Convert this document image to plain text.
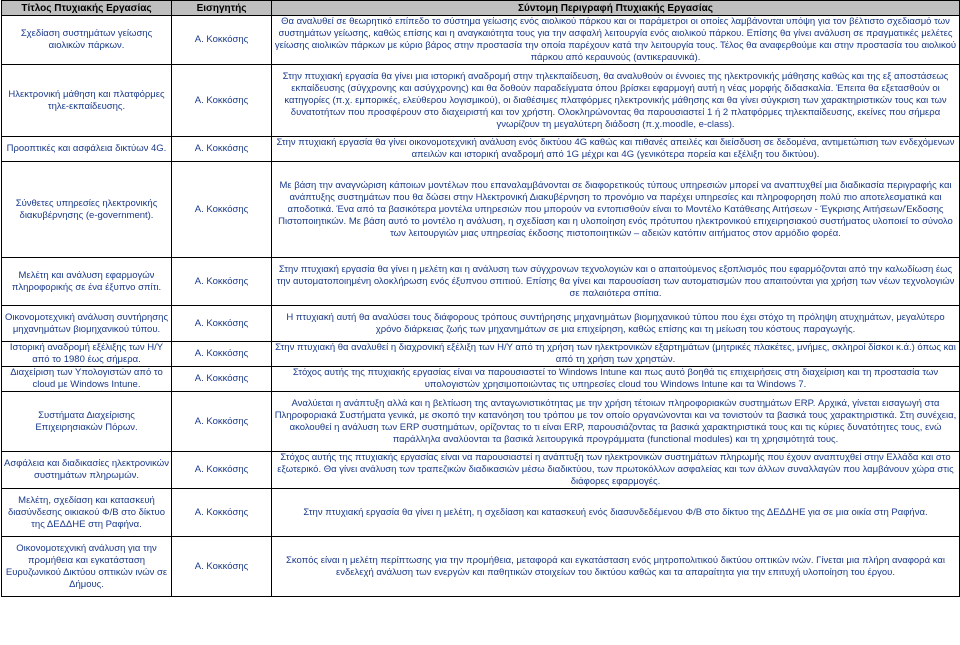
Τίτλος Πτυχιακής Εργασίας	Εισηγητής	Σύντομη Περιγραφή Πτυχιακής Εργασίας
Σχεδίαση συστημάτων γείωσης αιολικών πάρκων.	Α. Κοκκόσης	Θα αναλυθεί σε θεωρητικό επίπεδο το σύστημα γείωσης ενός αιολικού πάρκου και οι παράμετροι οι οποίες λαμβάνονται υπόψη για τον βέλτιστο σχεδιασμό των συστημάτων γείωσης, καθώς επίσης και η αναγκαιότητα τους για την ασφαλή λειτουργία ενός αιολικού πάρκου. Επίσης θα γίνει ανάλυση σε πραγματικές μελέτες γείωσης αιολικών πάρκων με κύριο βάρος στην προστασία την οποία παρέχουν κατά την λειτουργία τους. Τέλος θα αναφερθούμε και στην προστασία του αιολικού πάρκου από κεραυνούς (αντικεραυνικά).
Ηλεκτρονική μάθηση και πλατφόρμες τηλε-εκπαίδευσης.	Α. Κοκκόσης	Στην πτυχιακή εργασία θα γίνει μια ιστορική αναδρομή στην τηλεκπαίδευση, θα αναλυθούν οι έννοιες της ηλεκτρονικής μάθησης καθώς και της εξ αποστάσεως εκπαίδευσης (σύγχρονης και ασύγχρονης) και θα δοθούν παραδείγματα όπου βρίσκει εφαρμογή αυτή η νέας μορφής διδασκαλία. Έπειτα θα εξετασθούν οι κατηγορίες (π.χ. εμπορικές, ελεύθερου λογισμικού), οι διαθέσιμες πλατφόρμες ηλεκτρονικής μάθησης και θα γίνει σύγκριση των χαρακτηριστικών τους και των δυνατοτήτων που προσφέρουν στο διαχειριστή και τον χρήστη. Ολοκληρώνοντας θα παρουσιαστεί 1 ή 2 πλατφόρμες τηλεκπαίδευσης, εκείνες που σήμερα γνωρίζουν τη μεγαλύτερη διάδοση (π.χ.moodle, e-class).
Προοπτικές και ασφάλεια δικτύων 4G.	Α. Κοκκόσης	Στην πτυχιακή εργασία θα γίνει οικονομοτεχνική ανάλυση ενός δικτύου 4G καθώς και πιθανές απειλές και διείσδυση σε δεδομένα, αντιμετώπιση των ενδεχόμενων απειλών και ιστορική αναδρομή από 1G μέχρι και 4G (γενικότερα πορεία και εξέλιξη του δικτύου).
Σύνθετες υπηρεσίες ηλεκτρονικής διακυβέρνησης (e-government).	Α. Κοκκόσης	Με βάση την αναγνώριση κάποιων μοντέλων που επαναλαμβάνονται σε διαφορετικούς τύπους υπηρεσιών μπορεί να αναπτυχθεί μια διαδικασία περιγραφής και ανάπτυξης συστημάτων που θα δώσει στην Ηλεκτρονική Διακυβέρνηση το προνόμιο να παρέχει υπηρεσίες και πληροφορηση πολύ πιο αποτελεσματικά και αποδοτικά. Ένα από τα βασικότερα μοντέλα υπηρεσιών που μπορούν να εντοπισθούν είναι το Μοντέλο Κατάθεσης Αιτήσεων - Έγκρισης Αιτήσεων/Έκδοσης Πιστοποιητικών. Με βάση αυτό το μοντέλο η ανάλυση, η σχεδίαση και η υλοποίηση ενός πρότυπου ηλεκτρονικού επιχειρησιακού συστήματος υλοποιεί το σύνολο των λειτουργιών μιας υπηρεσίας έκδοσης πιστοποιητικών – αδειών κατόπιν αιτήματος στον αρμόδιο φορέα.
Μελέτη και ανάλυση εφαρμογών πληροφορικής σε ένα έξυπνο σπίτι.	Α. Κοκκόσης	Στην πτυχιακή εργασία θα γίνει η μελέτη και η ανάλυση των σύγχρονων τεχνολογιών και ο απαιτούμενος εξοπλισμός που εφαρμόζονται από την καλωδίωση έως την αυτοματοποιημένη ολοκλήρωση ενός έξυπνου σπιτιού. Επίσης θα γίνει και παρουσίαση των αυτοματισμών που απαιτούνται για χρήση των νέων τεχνολογιών σε παλαιότερα σπίτια.
Οικονομοτεχνική ανάλυση συντήρησης μηχανημάτων βιομηχανικού τύπου.	Α. Κοκκόσης	Η πτυχιακή αυτή θα αναλύσει τους διάφορους τρόπους συντήρησης μηχανημάτων βιομηχανικού τύπου που έχει στόχο τη πρόληψη ατυχημάτων, μεγαλύτερο χρόνο διάρκειας ζωής των μηχανημάτων σε μια επιχείρηση, καθώς επίσης και τη μείωση του κόστους παραγωγής.
Ιστορική αναδρομή εξέλιξης των Η/Υ από το 1980 έως σήμερα.	Α. Κοκκόσης	Στην πτυχιακή θα αναλυθεί η διαχρονική εξέλιξη των Η/Υ από τη χρήση των ηλεκτρονικών εξαρτημάτων (μητρικές πλακέτες, μνήμες, σκληροί δίσκοι κ.ά.) όπως και από τη χρήση των χρηστών.
Διαχείριση των Υπολογιστών από το cloud με Windows Intune.	Α. Κοκκόσης	Στόχος αυτής της πτυχιακής εργασίας είναι να παρουσιαστεί το Windows Intune και πως αυτό βοηθά τις επιχειρήσεις στη διαχείριση και τη προστασία των υπολογιστών χρησιμοποιώντας τις υπηρεσίες cloud του Windows Intune και τα Windows 7.
Συστήματα Διαχείρισης Επιχειρησιακών Πόρων.	Α. Κοκκόσης	Αναλύεται η ανάπτυξη αλλά και η βελτίωση της ανταγωνιστικότητας με την χρήση τέτοιων πληροφοριακών συστημάτων ERP. Αρχικά, γίνεται εισαγωγή στα Πληροφοριακά Συστήματα γενικά, με σκοπό την κατανόηση του τρόπου με τον οποίο οργανώνονται και να τονιστούν τα βασικά τους χαρακτηριστικά. Στη συνέχεια, ακολουθεί η ανάλυση των ERP συστημάτων, ορίζοντας το τι είναι ERP, παρουσιάζοντας τα βασικά χαρακτηριστικά τους και τις κύριες δυνατότητες τους, ενώ παράλληλα αναλύονται τα βασικά λειτουργικά προγράμματα (functional modules) και τη χρησιμότητά τους.
Ασφάλεια και διαδικασίες ηλεκτρονικών συστημάτων πληρωμών.	Α. Κοκκόσης	Στόχος αυτής της πτυχιακής εργασίας είναι να παρουσιαστεί η ανάπτυξη των ηλεκτρονικών συστημάτων πληρωμής που έχουν αναπτυχθεί στην Ελλάδα και στο εξωτερικό. Θα γίνει ανάλυση των τραπεζικών διαδικασιών μέσω διαδικτύου, των πρωτοκόλλων ασφαλείας και των άλλων συναλλαγών που λαμβάνουν χώρα στις διάφορες εφαρμογές.
Μελέτη, σχεδίαση και κατασκευή διασύνδεσης οικιακού Φ/Β στο δίκτυο της ΔΕΔΔΗΕ στη Ραφήνα.	Α. Κοκκόσης	Στην πτυχιακή εργασία θα γίνει η μελέτη, η σχεδίαση και κατασκευή ενός διασυνδεδέμενου Φ/Β στο δίκτυο της ΔΕΔΔΗΕ για σε μια οικία στη Ραφήνα.
Οικονομοτεχνική ανάλυση για την προμήθεια και εγκατάσταση Ευρυζωνικού Δικτύου οπτικών ινών σε Δήμους.	Α. Κοκκόσης	Σκοπός είναι η μελέτη περίπτωσης για την προμήθεια, μεταφορά και εγκατάσταση ενός μητροπολιτικού δικτύου οπτικών ινών. Γίνεται μια πλήρη αναφορά και ενδελεχή ανάλυση των ενεργών και παθητικών στοιχείων του δικτύου καθώς και τα απαραίτητα για την επιτυχή υλοποίηση του έργου.
